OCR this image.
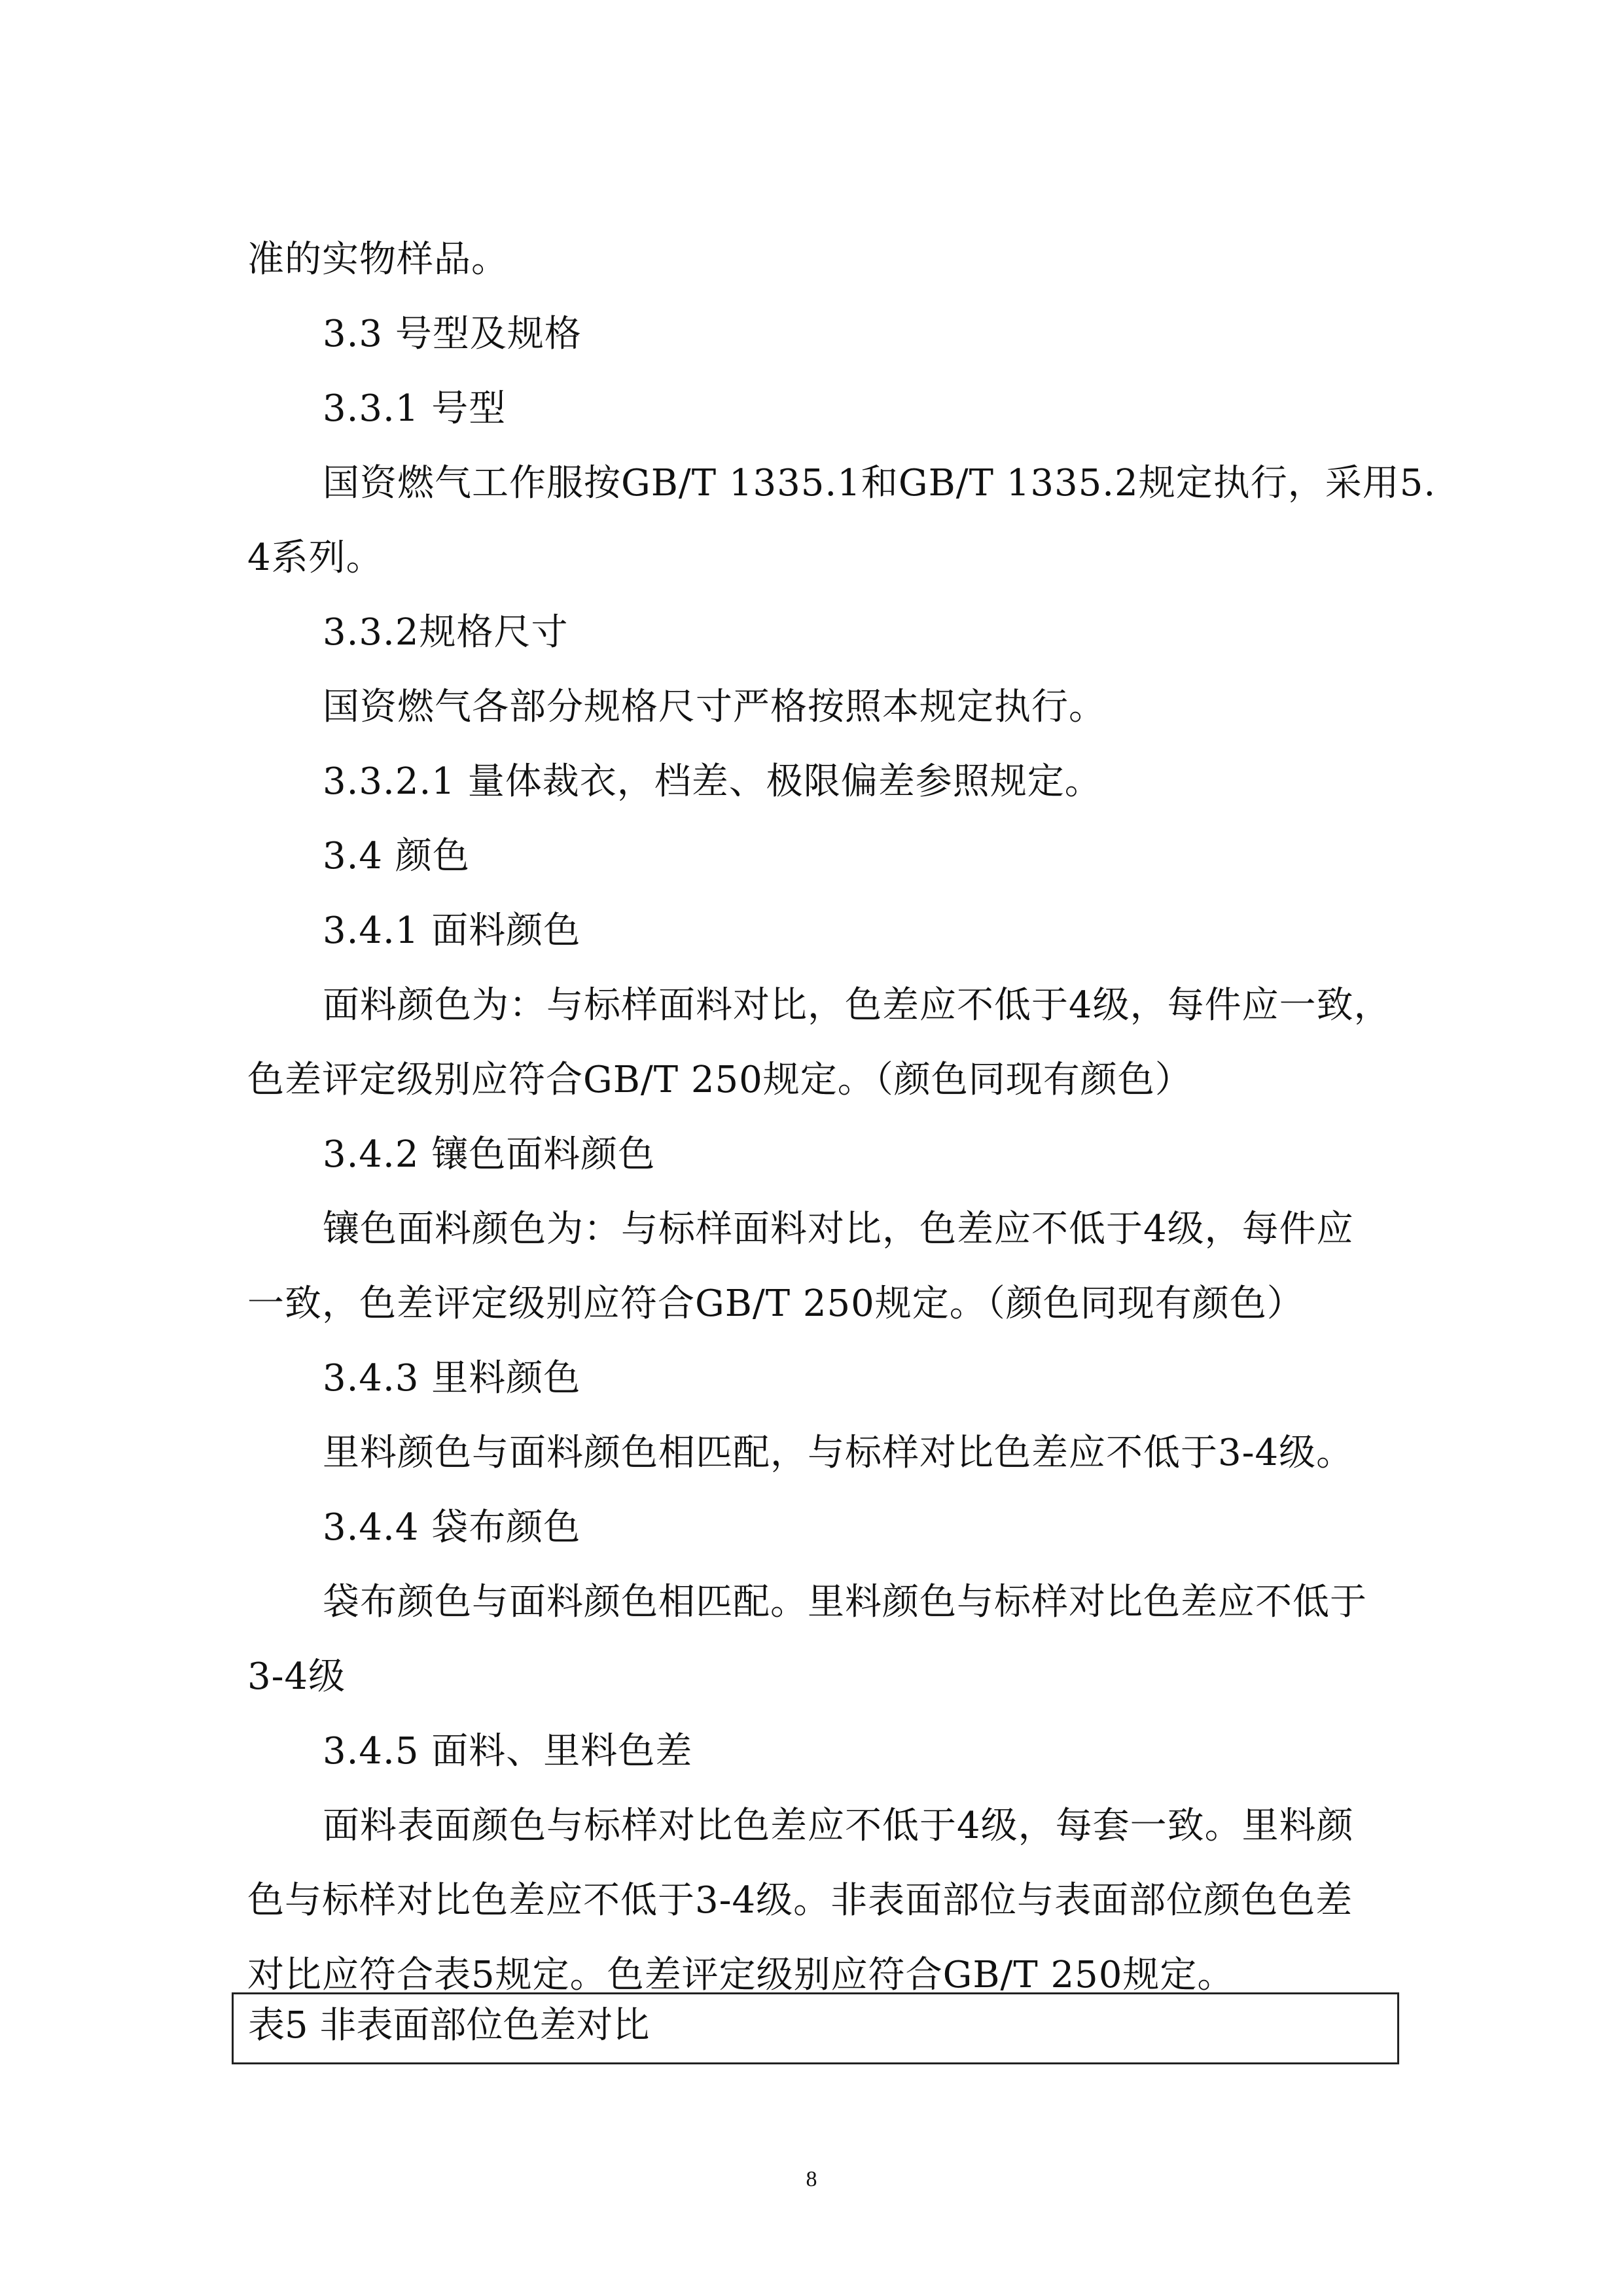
准的实物样品。

3.3 号型及规格

3.3.1 号型

国资燃气工作服按GB/T 1335.1和GB/T 1335.2规定执行，采用5.

4系列。

3.3.2规格尺寸

国资燃气各部分规格尺寸严格按照本规定执行。

3.3.2.1 量体裁衣，档差、极限偏差参照规定。

3.4 颜色

3.4.1 面料颜色

面料颜色为：与标样面料对比，色差应不低于4级，每件应一致，

色差评定级别应符合GB/T 250规定。（颜色同现有颜色）

3.4.2 镶色面料颜色

镶色面料颜色为：与标样面料对比，色差应不低于4级，每件应

一致，色差评定级别应符合GB/T 250规定。（颜色同现有颜色）

3.4.3 里料颜色

里料颜色与面料颜色相匹配，与标样对比色差应不低于3-4级。

3.4.4 袋布颜色

袋布颜色与面料颜色相匹配。里料颜色与标样对比色差应不低于

3-4级

3.4.5 面料、里料色差

面料表面颜色与标样对比色差应不低于4级，每套一致。里料颜

色与标样对比色差应不低于3-4级。非表面部位与表面部位颜色色差

对比应符合表5规定。色差评定级别应符合GB/T 250规定。

表5 非表面部位色差对比
8
